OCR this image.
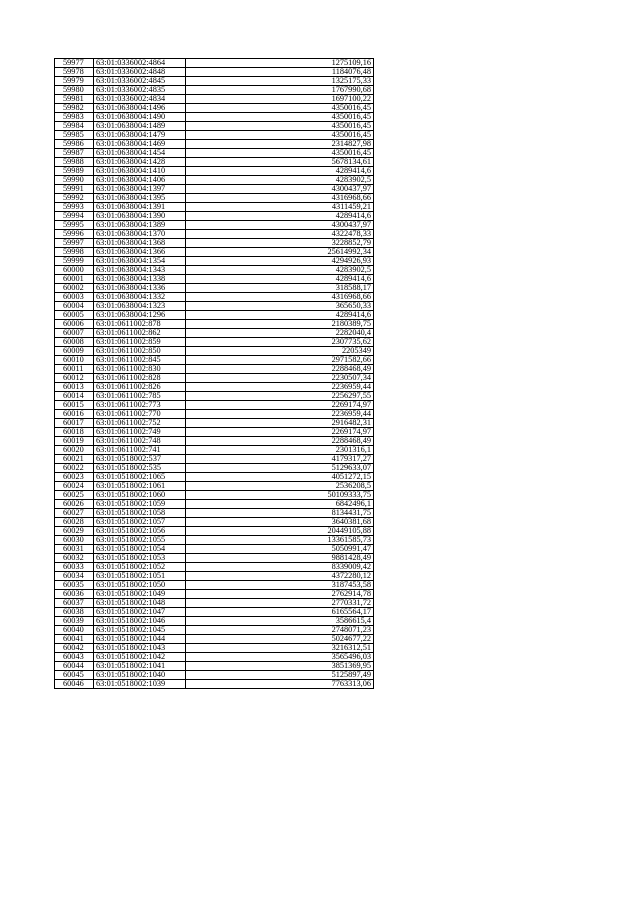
59977	63:01:0336002:4864	1275109,16
59978	63:01:0336002:4848	1184076,48
59979	63:01:0336002:4845	1325175,33
59980	63:01:0336002:4835	1767990,68
59981	63:01:0336002:4834	1697100,22
59982	63:01:0638004:1496	4350016,45
59983	63:01:0638004:1490	4350016,45
59984	63:01:0638004:1489	4350016,45
59985	63:01:0638004:1479	4350016,45
59986	63:01:0638004:1469	2314827,98
59987	63:01:0638004:1454	4350016,45
59988	63:01:0638004:1428	5678134,61
59989	63:01:0638004:1410	4289414,6
59990	63:01:0638004:1406	4283902,5
59991	63:01:0638004:1397	4300437,97
59992	63:01:0638004:1395	4316968,66
59993	63:01:0638004:1391	4311459,21
59994	63:01:0638004:1390	4289414,6
59995	63:01:0638004:1389	4300437,97
59996	63:01:0638004:1370	4322478,33
59997	63:01:0638004:1368	3228852,79
59998	63:01:0638004:1366	25614992,34
59999	63:01:0638004:1354	4294926,93
60000	63:01:0638004:1343	4283902,5
60001	63:01:0638004:1338	4289414,6
60002	63:01:0638004:1336	318588,17
60003	63:01:0638004:1332	4316968,66
60004	63:01:0638004:1323	365650,33
60005	63:01:0638004:1296	4289414,6
60006	63:01:0611002:878	2180389,75
60007	63:01:0611002:862	2282040,4
60008	63:01:0611002:859	2307735,62
60009	63:01:0611002:850	2205349
60010	63:01:0611002:845	2971582,66
60011	63:01:0611002:830	2288468,49
60012	63:01:0611002:828	2230507,34
60013	63:01:0611002:826	2236959,44
60014	63:01:0611002:785	2256297,55
60015	63:01:0611002:773	2269174,97
60016	63:01:0611002:770	2236959,44
60017	63:01:0611002:752	2916482,31
60018	63:01:0611002:749	2269174,97
60019	63:01:0611002:748	2288468,49
60020	63:01:0611002:741	2301316,1
60021	63:01:0518002:537	4179317,27
60022	63:01:0518002:535	5129633,07
60023	63:01:0518002:1065	4051272,15
60024	63:01:0518002:1061	2536208,5
60025	63:01:0518002:1060	50109333,75
60026	63:01:0518002:1059	6842496,1
60027	63:01:0518002:1058	8134431,75
60028	63:01:0518002:1057	3640381,68
60029	63:01:0518002:1056	20449105,88
60030	63:01:0518002:1055	13361585,73
60031	63:01:0518002:1054	5050991,47
60032	63:01:0518002:1053	9881428,49
60033	63:01:0518002:1052	8339009,42
60034	63:01:0518002:1051	4372280,12
60035	63:01:0518002:1050	3187453,58
60036	63:01:0518002:1049	2762914,78
60037	63:01:0518002:1048	2770331,72
60038	63:01:0518002:1047	6165564,17
60039	63:01:0518002:1046	3586615,4
60040	63:01:0518002:1045	2748071,23
60041	63:01:0518002:1044	5024677,22
60042	63:01:0518002:1043	3216312,51
60043	63:01:0518002:1042	3565496,03
60044	63:01:0518002:1041	3851369,95
60045	63:01:0518002:1040	5125897,49
60046	63:01:0518002:1039	7763313,06
